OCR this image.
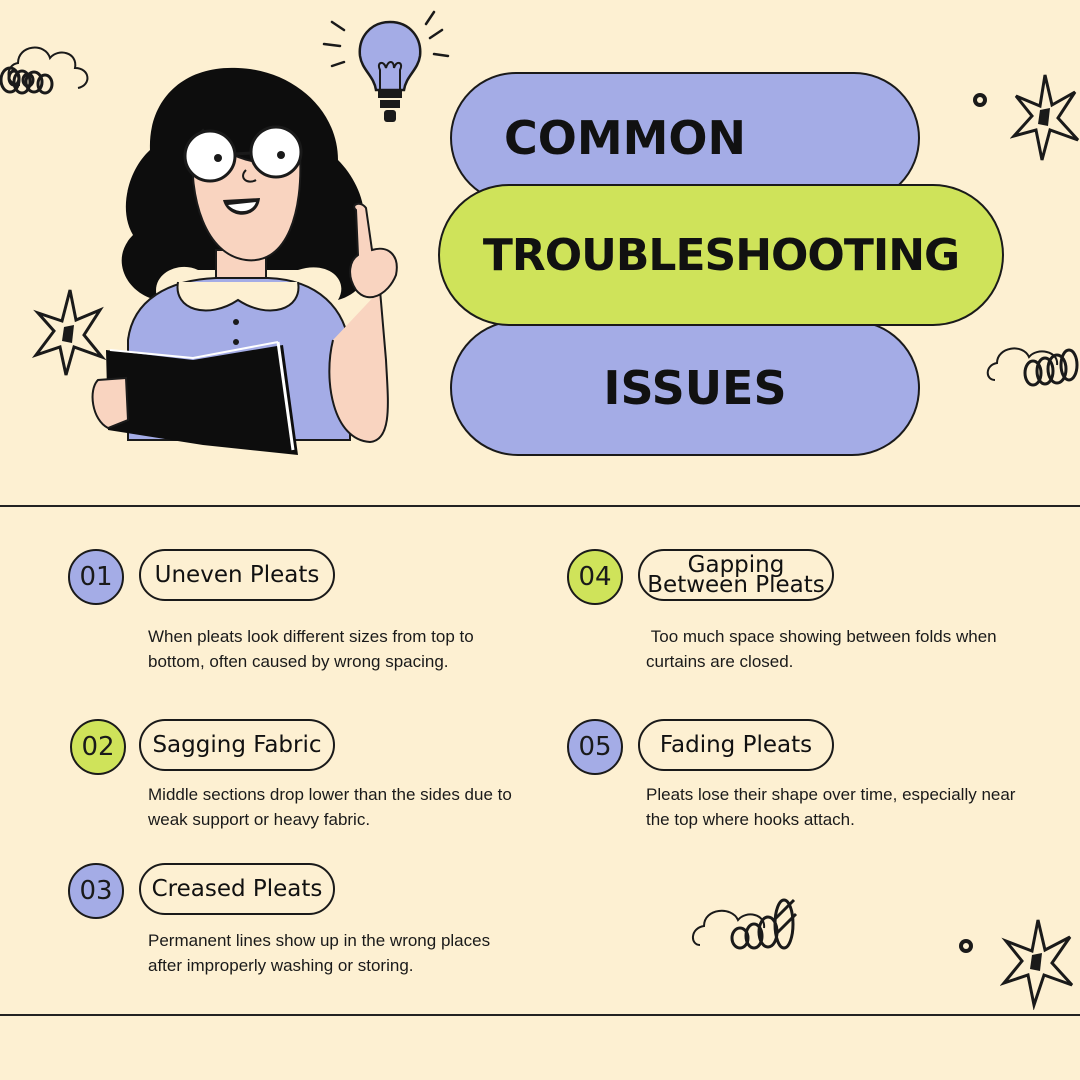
COMMON
ISSUES
TROUBLESHOOTING
01 Uneven Pleats
When pleats look different sizes from top to bottom, often caused by wrong spacing.
02 Sagging Fabric
Middle sections drop lower than the sides due to weak support or heavy fabric.
03 Creased Pleats
Permanent lines show up in the wrong places after improperly washing or storing.
04	Gapping
Between Pleats
Too much space showing between folds when curtains are closed.
05 Fading Pleats
Pleats lose their shape over time, especially near the top where hooks attach.
